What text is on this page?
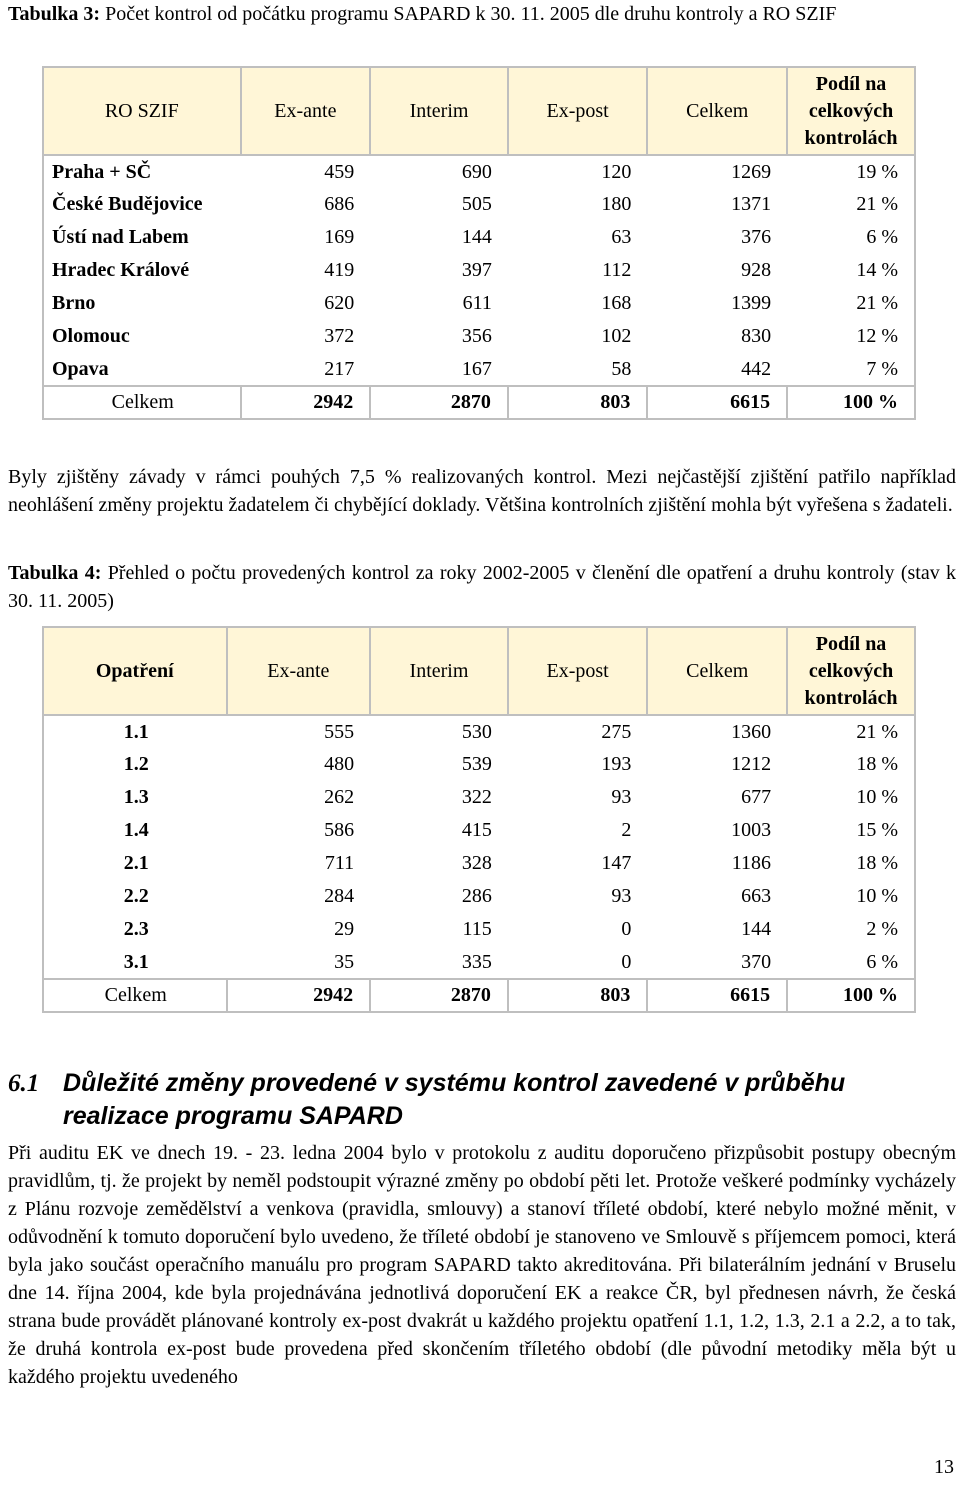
Tabulka 3: Počet kontrol od počátku programu SAPARD k 30. 11. 2005 dle druhu kontroly a RO SZIF
RO SZIF	Ex-ante	Interim	Ex-post	Celkem	Podíl na celkových kontrolách
Praha + SČ	459	690	120	1269	19 %
České Budějovice	686	505	180	1371	21 %
Ústí nad Labem	169	144	63	376	6 %
Hradec Králové	419	397	112	928	14 %
Brno	620	611	168	1399	21 %
Olomouc	372	356	102	830	12 %
Opava	217	167	58	442	7 %
Celkem	2942	2870	803	6615	100 %
Byly zjištěny závady v rámci pouhých 7,5 % realizovaných kontrol. Mezi nejčastější zjištění patřilo například neohlášení změny projektu žadatelem či chybějící doklady. Většina kontrolních zjištění mohla být vyřešena s žadateli.
Tabulka 4: Přehled o počtu provedených kontrol za roky 2002-2005 v členění dle opatření a druhu kontroly (stav k 30. 11. 2005)
Opatření	Ex-ante	Interim	Ex-post	Celkem	Podíl na celkových kontrolách
1.1	555	530	275	1360	21 %
1.2	480	539	193	1212	18 %
1.3	262	322	93	677	10 %
1.4	586	415	2	1003	15 %
2.1	711	328	147	1186	18 %
2.2	284	286	93	663	10 %
2.3	29	115	0	144	2 %
3.1	35	335	0	370	6 %
Celkem	2942	2870	803	6615	100 %
6.1 Důležité změny provedené v systému kontrol zavedené v průběhu realizace programu SAPARD
Při auditu EK ve dnech 19. - 23. ledna 2004 bylo v protokolu z auditu doporučeno přizpůsobit postupy obecným pravidlům, tj. že projekt by neměl podstoupit výrazné změny po období pěti let. Protože veškeré podmínky vycházely z Plánu rozvoje zemědělství a venkova (pravidla, smlouvy) a stanoví tříleté období, které nebylo možné měnit, v odůvodnění k tomuto doporučení bylo uvedeno, že tříleté období je stanoveno ve Smlouvě s příjemcem pomoci, která byla jako součást operačního manuálu pro program SAPARD takto akreditována. Při bilaterálním jednání v Bruselu dne 14. října 2004, kde byla projednávána jednotlivá doporučení EK a reakce ČR, byl přednesen návrh, že česká strana bude provádět plánované kontroly ex-post dvakrát u každého projektu opatření 1.1, 1.2, 1.3, 2.1 a 2.2, a to tak, že druhá kontrola ex-post bude provedena před skončením tříletého období (dle původní metodiky měla být u každého projektu uvedeného
13
